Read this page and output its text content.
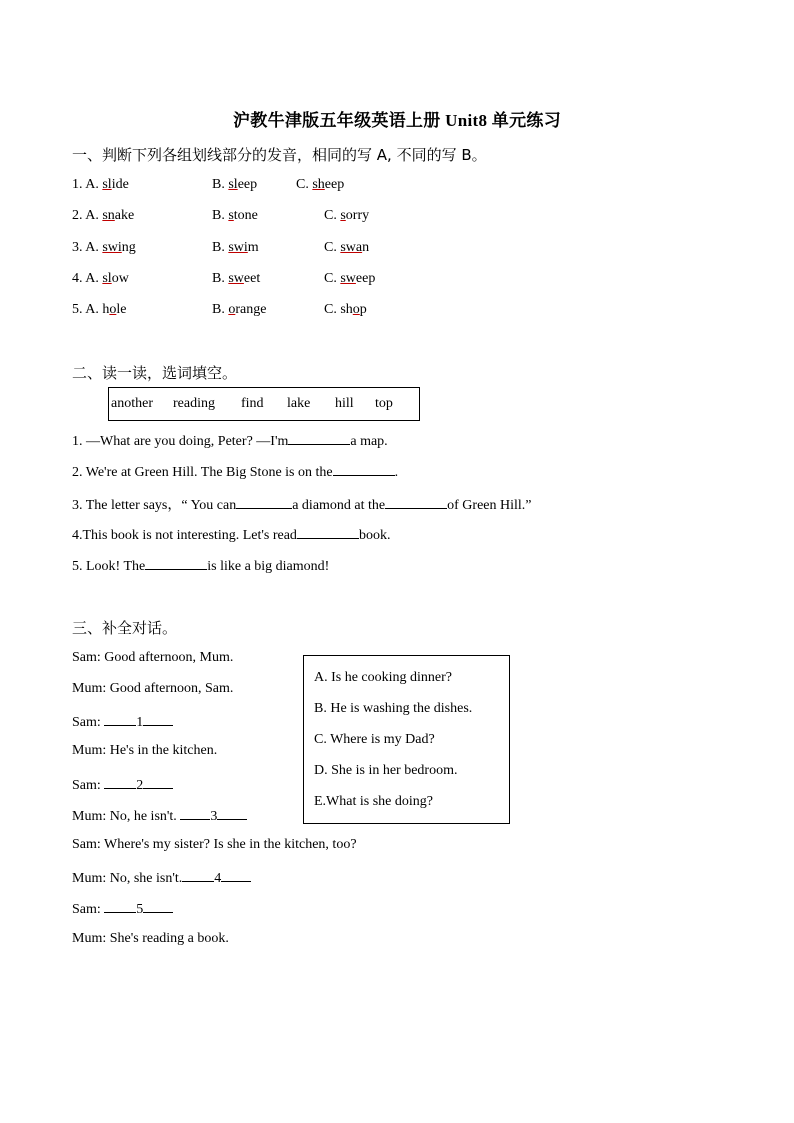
沪教牛津版五年级英语上册 Unit8 单元练习
一、判断下列各组划线部分的发音，相同的写 A, 不同的写 B。
1. A. slide	B. sleep	C. sheep
2. A. snake	B. stone	C. sorry
3. A. swing	B. swim	C. swan
4. A. slow	B. sweet	C. sweep
5. A. hole	B. orange	C. shop
二、读一读，选词填空。
another reading find lake hill top
1. —What are you doing, Peter? —I'm	a map.
2. We're at Green Hill. The Big Stone is on the	.
3. The letter says，“ You can	a diamond at the	of Green Hill.”
4.This book is not interesting. Let's read	book.
5. Look! The	is like a big diamond!
三、补全对话。
Sam: Good afternoon, Mum.
Mum: Good afternoon, Sam.
Sam: 1
Mum: He's in the kitchen.
Sam: 2
Mum: No, he isn't. 3
Sam: Where's my sister? Is she in the kitchen, too?
Mum: No, she isn't. 4
Sam: 5
Mum: She's reading a book.
A. Is he cooking dinner?
B. He is washing the dishes.
C. Where is my Dad?
D. She is in her bedroom.
E.What is she doing?
